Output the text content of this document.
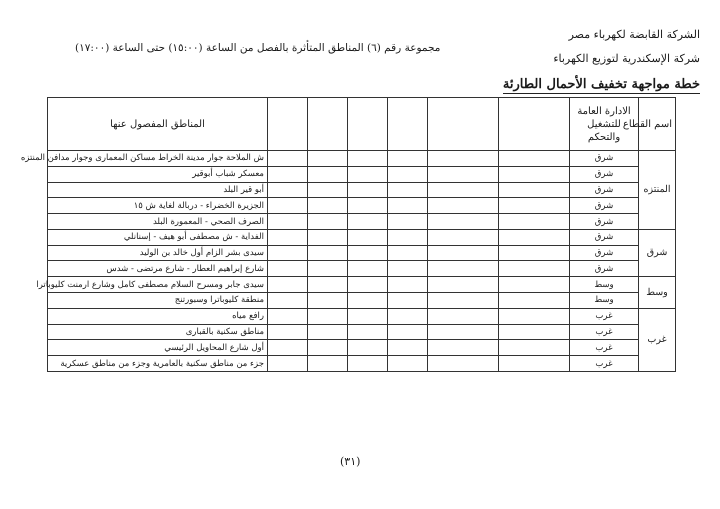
الشركة القابضة لكهرباء مصر
مجموعة رقم (٦) المناطق المتأثرة بالفصل من الساعة (١٥:٠٠) حتى الساعة (١٧:٠٠)
شركة الإسكندرية لتوزيع الكهرباء
خطة مواجهة تخفيف الأحمال الطارئة
اسم القطاع	الادارة العامة للتشغيل والتحكم							المناطق المفصول عنها
المنتزه	شرق							ش الملاحة جوار مدينة الخراط مساكن المعمارى وجوار مدافن المنتزه
	شرق							معسكر شباب أبوقير
	شرق							أبو قير البلد
	شرق							الجزيرة الخضراء - دربالة لغاية ش ١٥
	شرق							الصرف الصحي - المعمورة البلد
شرق	شرق							الفداية - ش مصطفى أبو هيف - إسنانلي
	شرق							سيدى بشر الزام أول خالد بن الوليد
	شرق							شارع إبراهيم العطار - شارع مرتضى - شدس
وسط	وسط							سيدى جابر ومسرح السلام مصطفى كامل وشارع ارمنت كليوباترا
	وسط							منطقة كليوباترا وسبورتنج
غرب	غرب							رافع مياه
	غرب							مناطق سكنية بالقبارى
	غرب							أول شارع المحاويل الرئيسي
	غرب							جزء من مناطق سكنية بالعامرية وجزء من مناطق عسكرية
(٣١)
